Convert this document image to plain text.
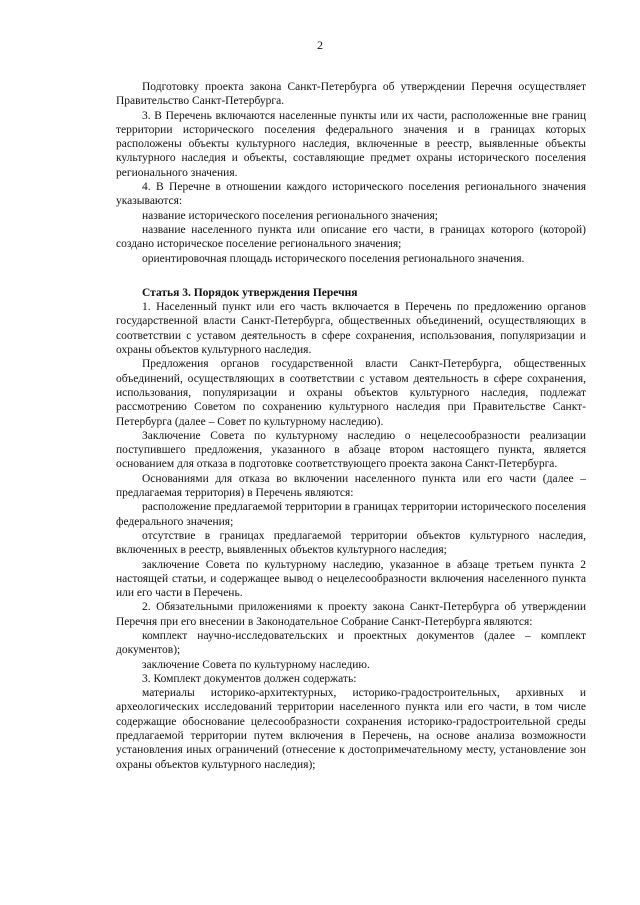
2

Подготовку проекта закона Санкт-Петербурга об утверждении Перечня осуществляет Правительство Санкт-Петербурга.

3. В Перечень включаются населенные пункты или их части, расположенные вне границ территории исторического поселения федерального значения и в границах которых расположены объекты культурного наследия, включенные в реестр, выявленные объекты культурного наследия и объекты, составляющие предмет охраны исторического поселения регионального значения.

4. В Перечне в отношении каждого исторического поселения регионального значения указываются:

название исторического поселения регионального значения;

название населенного пункта или описание его части, в границах которого (которой) создано историческое поселение регионального значения;

ориентировочная площадь исторического поселения регионального значения.

Статья 3. Порядок утверждения Перечня

1. Населенный пункт или его часть включается в Перечень по предложению органов государственной власти Санкт-Петербурга, общественных объединений, осуществляющих в соответствии с уставом деятельность в сфере сохранения, использования, популяризации и охраны объектов культурного наследия.

Предложения органов государственной власти Санкт-Петербурга, общественных объединений, осуществляющих в соответствии с уставом деятельность в сфере сохранения, использования, популяризации и охраны объектов культурного наследия, подлежат рассмотрению Советом по сохранению культурного наследия при Правительстве Санкт-Петербурга (далее – Совет по культурному наследию).

Заключение Совета по культурному наследию о нецелесообразности реализации поступившего предложения, указанного в абзаце втором настоящего пункта, является основанием для отказа в подготовке соответствующего проекта закона Санкт-Петербурга.

Основаниями для отказа во включении населенного пункта или его части (далее – предлагаемая территория) в Перечень являются:

расположение предлагаемой территории в границах территории исторического поселения федерального значения;

отсутствие в границах предлагаемой территории объектов культурного наследия, включенных в реестр, выявленных объектов культурного наследия;

заключение Совета по культурному наследию, указанное в абзаце третьем пункта 2 настоящей статьи, и содержащее вывод о нецелесообразности включения населенного пункта или его части в Перечень.

2. Обязательными приложениями к проекту закона Санкт-Петербурга об утверждении Перечня при его внесении в Законодательное Собрание Санкт-Петербурга являются:

комплект научно-исследовательских и проектных документов (далее – комплект документов);

заключение Совета по культурному наследию.

3. Комплект документов должен содержать:

материалы историко-архитектурных, историко-градостроительных, архивных и археологических исследований территории населенного пункта или его части, в том числе содержащие обоснование целесообразности сохранения историко-градостроительной среды предлагаемой территории путем включения в Перечень, на основе анализа возможности установления иных ограничений (отнесение к достопримечательному месту, установление зон охраны объектов культурного наследия);
